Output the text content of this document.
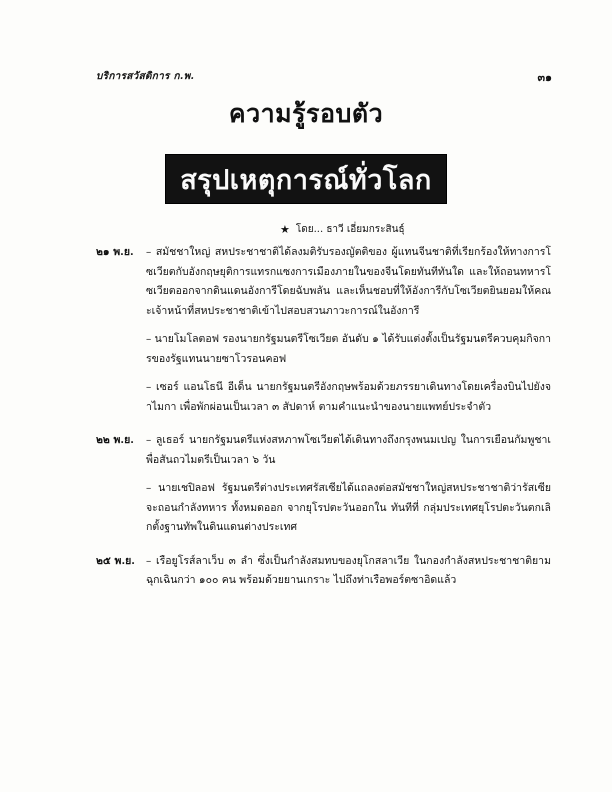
บริการสวัสดิการ ก.พ.	๓๑
ความรู้รอบตัว
สรุปเหตุการณ์ทั่วโลก
★ โดย... ธาวี เอี่ยมกระสินธุ์
๒๑ พ.ย.	– สมัชชาใหญ่ สหประชาชาติได้ลงมติรับรองญัตติของ ผู้แทนจีนชาติที่เรียกร้องให้ทางการโซเวียตกับอังกฤษยุติการแทรกแซงการเมืองภายในของจีนโดยทันทีทันใด และให้ถอนทหารโซเวียตออกจากดินแดนอังการีโดยฉับพลัน และเห็นชอบที่ให้อังการีกับโซเวียตยินยอมให้คณะเจ้าหน้าที่สหประชาชาติเข้าไปสอบสวนภาวะการณ์ในอังการี
– นายโมโลตอฟ รองนายกรัฐมนตรีโซเวียต อันดับ ๑ ได้รับแต่งตั้งเป็นรัฐมนตรีควบคุมกิจการของรัฐแทนนายซาโวรอนคอฟ
– เซอร์ แอนโธนี อีเด็น นายกรัฐมนตรีอังกฤษพร้อมด้วยภรรยาเดินทางโดยเครื่องบินไปยังจาไมกา เพื่อพักผ่อนเป็นเวลา ๓ สัปดาห์ ตามคำแนะนำของนายแพทย์ประจำตัว
๒๒ พ.ย.	– ลูเธอร์ นายกรัฐมนตรีแห่งสหภาพโซเวียตได้เดินทางถึงกรุงพนมเปญ ในการเยือนกัมพูชาเพื่อสันถวไมตรีเป็นเวลา ๖ วัน
– นายเชปิลอฟ รัฐมนตรีต่างประเทศรัสเซียได้แถลงต่อสมัชชาใหญ่สหประชาชาติว่ารัสเซีย จะถอนกำลังทหาร ทั้งหมดออก จากยุโรปตะวันออกใน ทันทีที่ กลุ่มประเทศยุโรปตะวันตกเลิกตั้งฐานทัพในดินแดนต่างประเทศ
๒๕ พ.ย. – เรือยูโรส์ลาเว็บ ๓ ลำ ซึ่งเป็นกำลังสมทบของยุโกสลาเวีย ในกองกำลังสหประชาชาติยามฉุกเฉินกว่า ๑๐๐ คน พร้อมด้วยยานเกราะ ไปถึงท่าเรือพอร์ตซาอิดแล้ว
